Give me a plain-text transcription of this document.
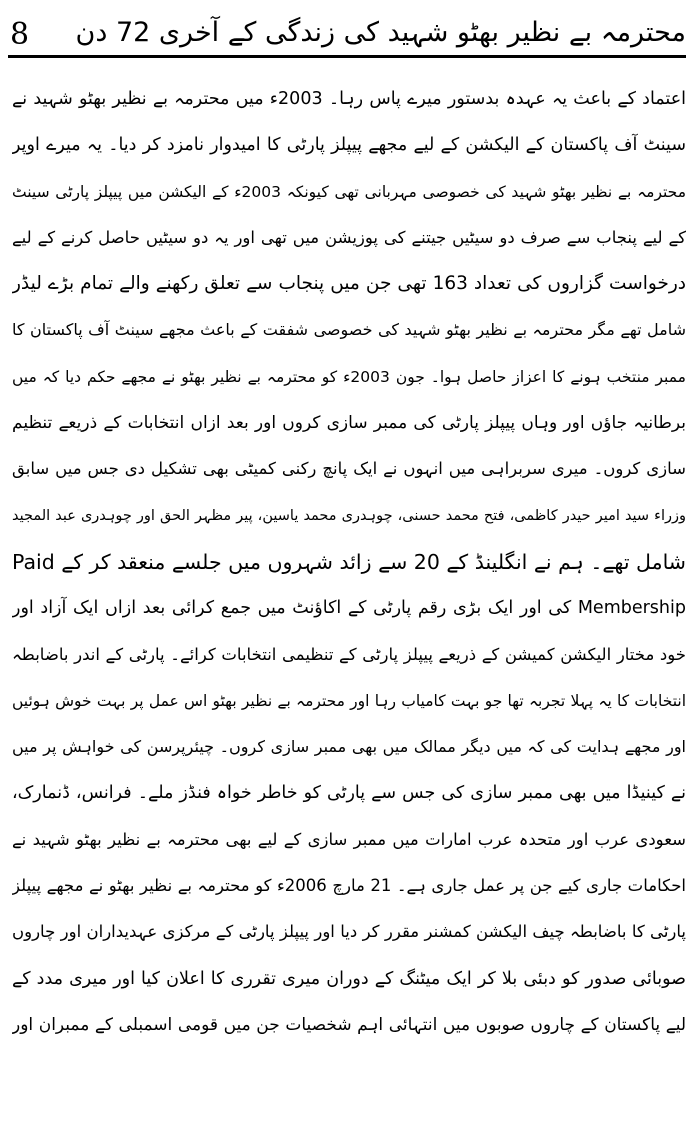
8	محترمہ بے نظیر بھٹو شہید کی زندگی کے آخری 72 دن
اعتماد کے باعث یہ عہدہ بدستور میرے پاس رہا۔ 2003ء میں محترمہ بے نظیر بھٹو شہید نے
سینٹ آف پاکستان کے الیکشن کے لیے مجھے پیپلز پارٹی کا امیدوار نامزد کر دیا۔ یہ میرے اوپر
محترمہ بے نظیر بھٹو شہید کی خصوصی مہربانی تھی کیونکہ 2003ء کے الیکشن میں پیپلز پارٹی سینٹ
کے لیے پنجاب سے صرف دو سیٹیں جیتنے کی پوزیشن میں تھی اور یہ دو سیٹیں حاصل کرنے کے لیے
درخواست گزاروں کی تعداد 163 تھی جن میں پنجاب سے تعلق رکھنے والے تمام بڑے لیڈر
شامل تھے مگر محترمہ بے نظیر بھٹو شہید کی خصوصی شفقت کے باعث مجھے سینٹ آف پاکستان کا
ممبر منتخب ہونے کا اعزاز حاصل ہوا۔ جون 2003ء کو محترمہ بے نظیر بھٹو نے مجھے حکم دیا کہ میں
برطانیہ جاؤں اور وہاں پیپلز پارٹی کی ممبر سازی کروں اور بعد ازاں انتخابات کے ذریعے تنظیم
سازی کروں۔ میری سربراہی میں انہوں نے ایک پانچ رکنی کمیٹی بھی تشکیل دی جس میں سابق
وزراء سید امیر حیدر کاظمی، فتح محمد حسنی، چوہدری محمد یاسین، پیر مظہر الحق اور چوہدری عبد المجید
شامل تھے۔ ہم نے انگلینڈ کے 20 سے زائد شہروں میں جلسے منعقد کر کے Paid
Membership کی اور ایک بڑی رقم پارٹی کے اکاؤنٹ میں جمع کرائی بعد ازاں ایک آزاد اور
خود مختار الیکشن کمیشن کے ذریعے پیپلز پارٹی کے تنظیمی انتخابات کرائے۔ پارٹی کے اندر باضابطہ
انتخابات کا یہ پہلا تجربہ تھا جو بہت کامیاب رہا اور محترمہ بے نظیر بھٹو اس عمل پر بہت خوش ہوئیں
اور مجھے ہدایت کی کہ میں دیگر ممالک میں بھی ممبر سازی کروں۔ چیئرپرسن کی خواہش پر میں
نے کینیڈا میں بھی ممبر سازی کی جس سے پارٹی کو خاطر خواہ فنڈز ملے۔ فرانس، ڈنمارک،
سعودی عرب اور متحدہ عرب امارات میں ممبر سازی کے لیے بھی محترمہ بے نظیر بھٹو شہید نے
احکامات جاری کیے جن پر عمل جاری ہے۔ 21 مارچ 2006ء کو محترمہ بے نظیر بھٹو نے مجھے پیپلز
پارٹی کا باضابطہ چیف الیکشن کمشنر مقرر کر دیا اور پیپلز پارٹی کے مرکزی عہدیداران اور چاروں
صوبائی صدور کو دبئی بلا کر ایک میٹنگ کے دوران میری تقرری کا اعلان کیا اور میری مدد کے
لیے پاکستان کے چاروں صوبوں میں انتہائی اہم شخصیات جن میں قومی اسمبلی کے ممبران اور
